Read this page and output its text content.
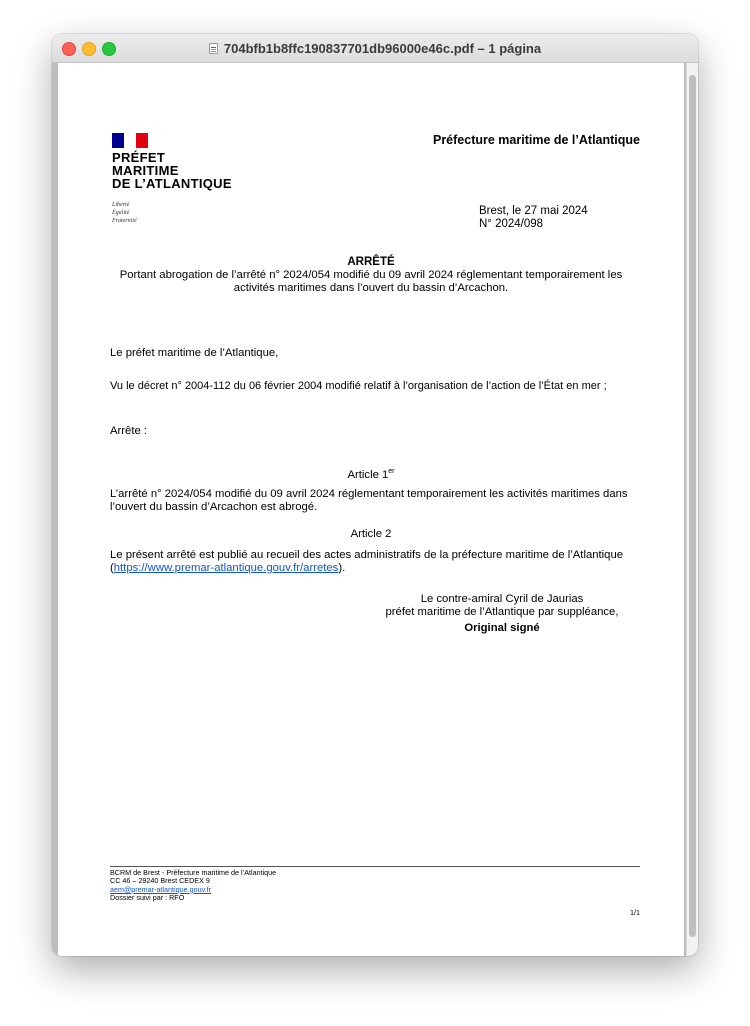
704bfb1b8ffc190837701db96000e46c.pdf – 1 página
PRÉFET
MARITIME
DE L’ATLANTIQUE
Liberté
Égalité
Fraternité
Préfecture maritime de l’Atlantique
Brest, le 27 mai 2024
N° 2024/098
ARRÊTÉ
Portant abrogation de l’arrêté n° 2024/054 modifié du 09 avril 2024 réglementant temporairement les activités maritimes dans l’ouvert du bassin d’Arcachon.
Le préfet maritime de l’Atlantique,
Vu le décret n° 2004-112 du 06 février 2004 modifié relatif à l’organisation de l’action de l’État en mer ;
Arrête :
Article 1er
L’arrêté n° 2024/054 modifié du 09 avril 2024 réglementant temporairement les activités maritimes dans l’ouvert du bassin d’Arcachon est abrogé.
Article 2
Le présent arrêté est publié au recueil des actes administratifs de la préfecture maritime de l’Atlantique (https://www.premar-atlantique.gouv.fr/arretes).
Le contre-amiral Cyril de Jaurias
préfet maritime de l’Atlantique par suppléance,
Original signé
BCRM de Brest - Préfecture maritime de l’Atlantique
CC 46 – 29240 Brest CEDEX 9
aem@premar-atlantique.gouv.fr
Dossier suivi par : RFO
1/1
